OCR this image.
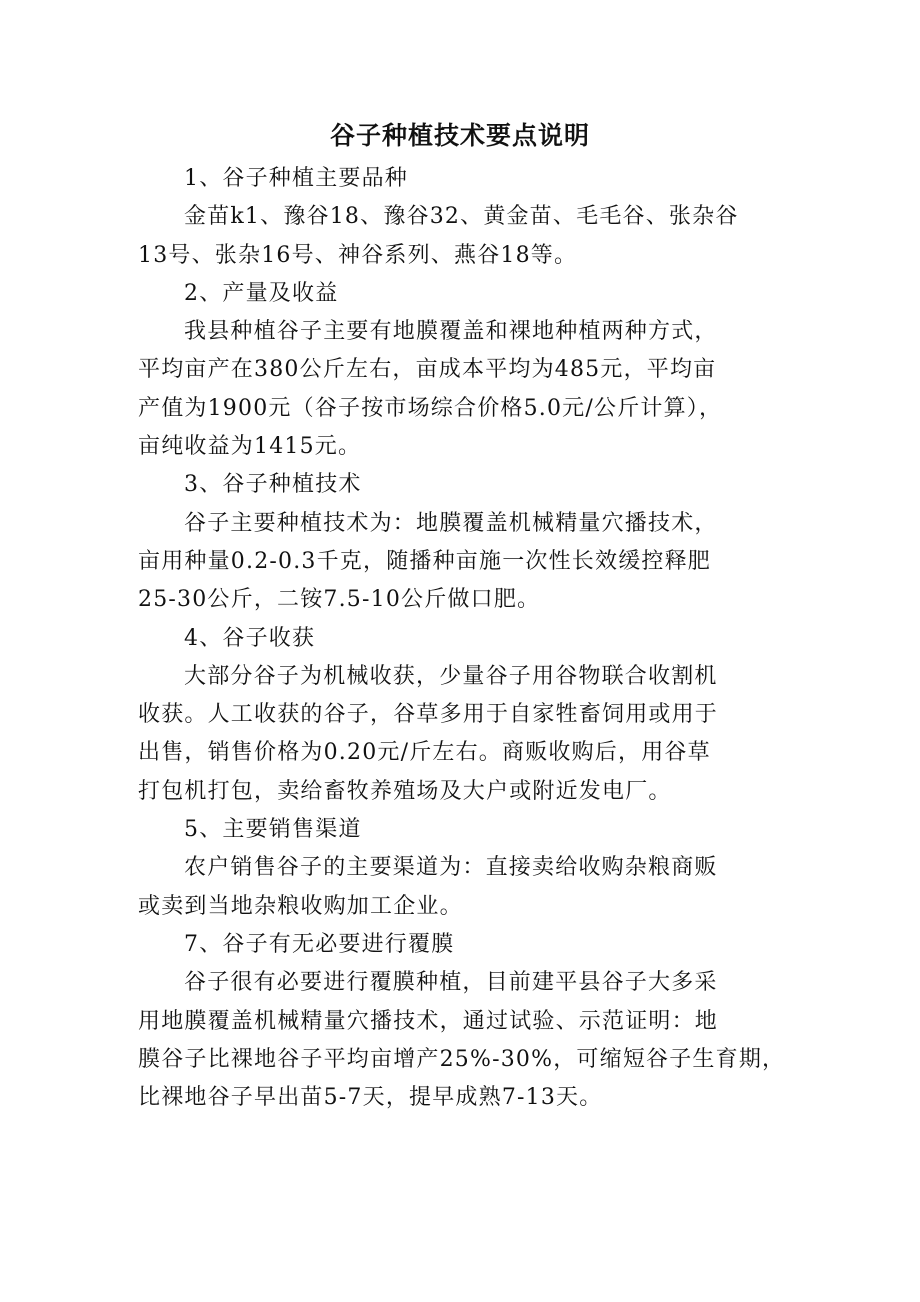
谷子种植技术要点说明

1、谷子种植主要品种

金苗k1、豫谷18、豫谷32、黄金苗、毛毛谷、张杂谷
13号、张杂16号、神谷系列、燕谷18等。

2、产量及收益

我县种植谷子主要有地膜覆盖和裸地种植两种方式，
平均亩产在380公斤左右，亩成本平均为485元，平均亩
产值为1900元（谷子按市场综合价格5.0元/公斤计算），
亩纯收益为1415元。

3、谷子种植技术

谷子主要种植技术为：地膜覆盖机械精量穴播技术，
亩用种量0.2-0.3千克，随播种亩施一次性长效缓控释肥
25-30公斤，二铵7.5-10公斤做口肥。

4、谷子收获

大部分谷子为机械收获，少量谷子用谷物联合收割机
收获。人工收获的谷子，谷草多用于自家牲畜饲用或用于
出售，销售价格为0.20元/斤左右。商贩收购后，用谷草
打包机打包，卖给畜牧养殖场及大户或附近发电厂。

5、主要销售渠道

农户销售谷子的主要渠道为：直接卖给收购杂粮商贩
或卖到当地杂粮收购加工企业。

7、谷子有无必要进行覆膜

谷子很有必要进行覆膜种植，目前建平县谷子大多采
用地膜覆盖机械精量穴播技术，通过试验、示范证明：地
膜谷子比裸地谷子平均亩增产25%-30%，可缩短谷子生育期，
比裸地谷子早出苗5-7天，提早成熟7-13天。
